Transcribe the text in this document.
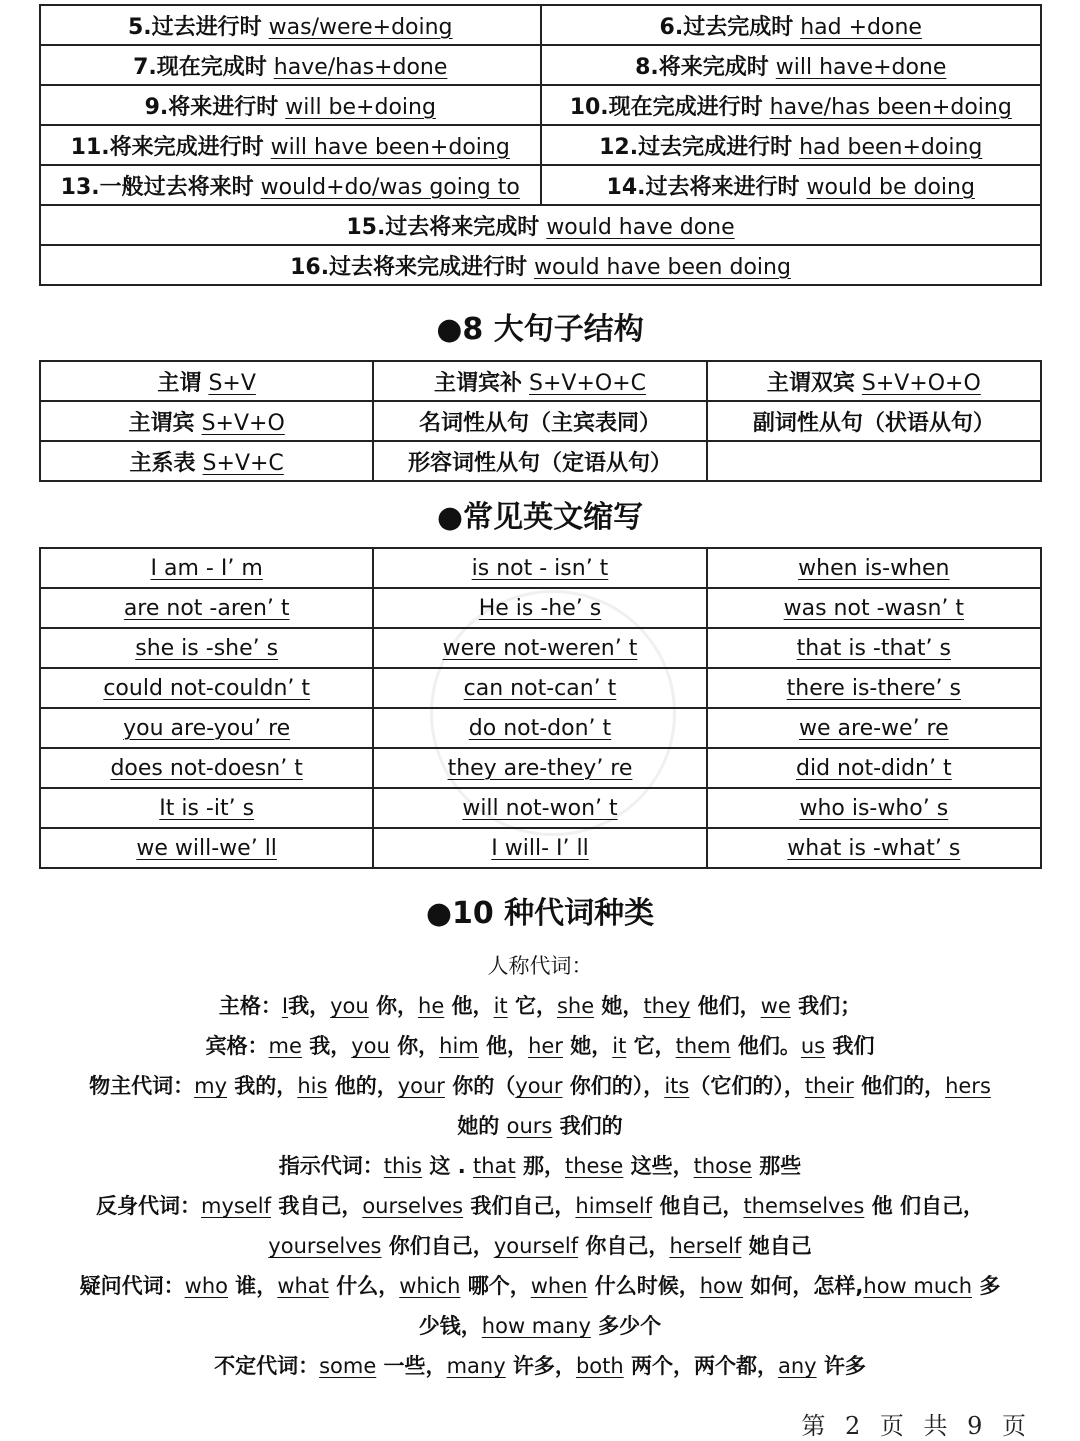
5.过去进行时 was/were+doing	6.过去完成时 had +done
7.现在完成时 have/has+done	8.将来完成时 will have+done
9.将来进行时 will be+doing	10.现在完成进行时 have/has been+doing
11.将来完成进行时 will have been+doing	12.过去完成进行时 had been+doing
13.一般过去将来时 would+do/was going to	14.过去将来进行时 would be doing
15.过去将来完成时 would have done	
16.过去将来完成进行时 would have been doing	
●8 大句子结构
主谓 S+V	主谓宾补 S+V+O+C	主谓双宾 S+V+O+O
主谓宾 S+V+O	名词性从句（主宾表同）	副词性从句（状语从句）
主系表 S+V+C	形容词性从句（定语从句）	
●常见英文缩写
I am - I’ m	is not - isn’ t	when is-when
are not -aren’ t	He is -he’ s	was not -wasn’ t
she is -she’ s	were not-weren’ t	that is -that’ s
could not-couldn’ t	can not-can’ t	there is-there’ s
you are-you’ re	do not-don’ t	we are-we’ re
does not-doesn’ t	they are-they’ re	did not-didn’ t
It is -it’ s	will not-won’ t	who is-who’ s
we will-we’ ll	I will- I’ ll	what is -what’ s
●10 种代词种类
人称代词：
主格：I我，you 你，he 他，it 它，she 她，they 他们，we 我们；
宾格：me 我，you 你，him 他，her 她，it 它，them 他们。us 我们
物主代词：my 我的，his 他的，your 你的（your 你们的），its（它们的），their 他们的，hers
她的 ours 我们的
指示代词：this 这 . that 那，these 这些，those 那些
反身代词：myself 我自己，ourselves 我们自己，himself 他自己，themselves 他 们自己，
yourselves 你们自己，yourself 你自己，herself 她自己
疑问代词：who 谁，what 什么，which 哪个，when 什么时候，how 如何，怎样,how much 多
少钱，how many 多少个
不定代词：some 一些，many 许多，both 两个，两个都，any 许多
第 2 页 共 9 页
